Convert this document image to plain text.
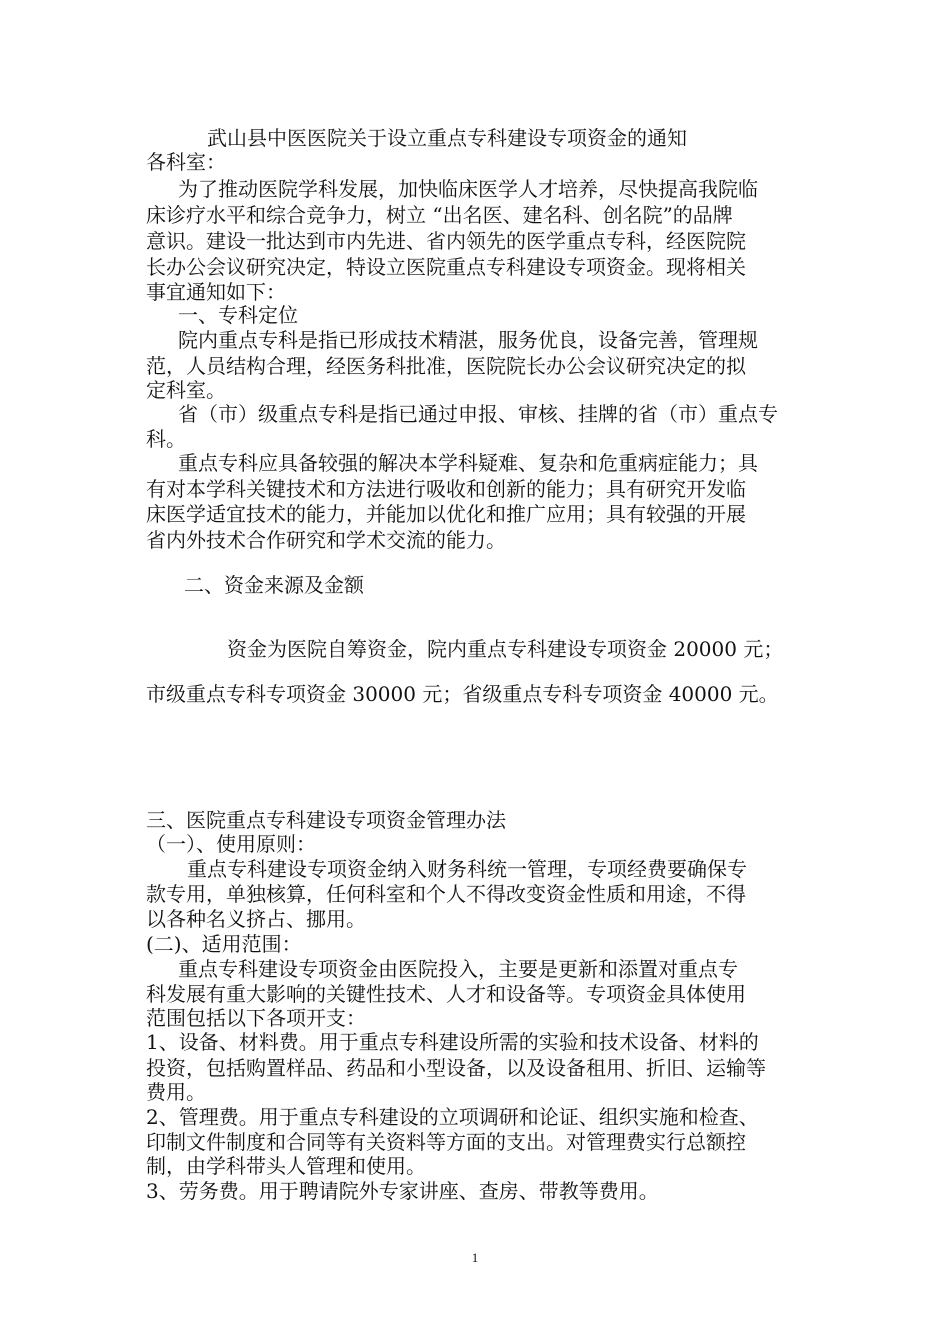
武山县中医医院关于设立重点专科建设专项资金的通知
各科室：
为了推动医院学科发展，加快临床医学人才培养，尽快提高我院临
床诊疗水平和综合竞争力，树立 “出名医、建名科、创名院”的品牌
意识。建设一批达到市内先进、省内领先的医学重点专科，经医院院
长办公会议研究决定，特设立医院重点专科建设专项资金。现将相关
事宜通知如下：
一、专科定位
院内重点专科是指已形成技术精湛，服务优良，设备完善，管理规
范，人员结构合理，经医务科批准，医院院长办公会议研究决定的拟
定科室。
省（市）级重点专科是指已通过申报、审核、挂牌的省（市）重点专
科。
重点专科应具备较强的解决本学科疑难、复杂和危重病症能力；具
有对本学科关键技术和方法进行吸收和创新的能力；具有研究开发临
床医学适宜技术的能力，并能加以优化和推广应用；具有较强的开展
省内外技术合作研究和学术交流的能力。
二、资金来源及金额
资金为医院自筹资金，院内重点专科建设专项资金 20000 元；
市级重点专科专项资金 30000 元；省级重点专科专项资金 40000 元。
三、医院重点专科建设专项资金管理办法
（一）、使用原则：
重点专科建设专项资金纳入财务科统一管理，专项经费要确保专
款专用，单独核算，任何科室和个人不得改变资金性质和用途，不得
以各种名义挤占、挪用。
(二)、适用范围：
重点专科建设专项资金由医院投入，主要是更新和添置对重点专
科发展有重大影响的关键性技术、人才和设备等。专项资金具体使用
范围包括以下各项开支：
1、设备、材料费。用于重点专科建设所需的实验和技术设备、材料的
投资，包括购置样品、药品和小型设备，以及设备租用、折旧、运输等
费用。
2、管理费。用于重点专科建设的立项调研和论证、组织实施和检查、
印制文件制度和合同等有关资料等方面的支出。对管理费实行总额控
制，由学科带头人管理和使用。
3、劳务费。用于聘请院外专家讲座、查房、带教等费用。
1
